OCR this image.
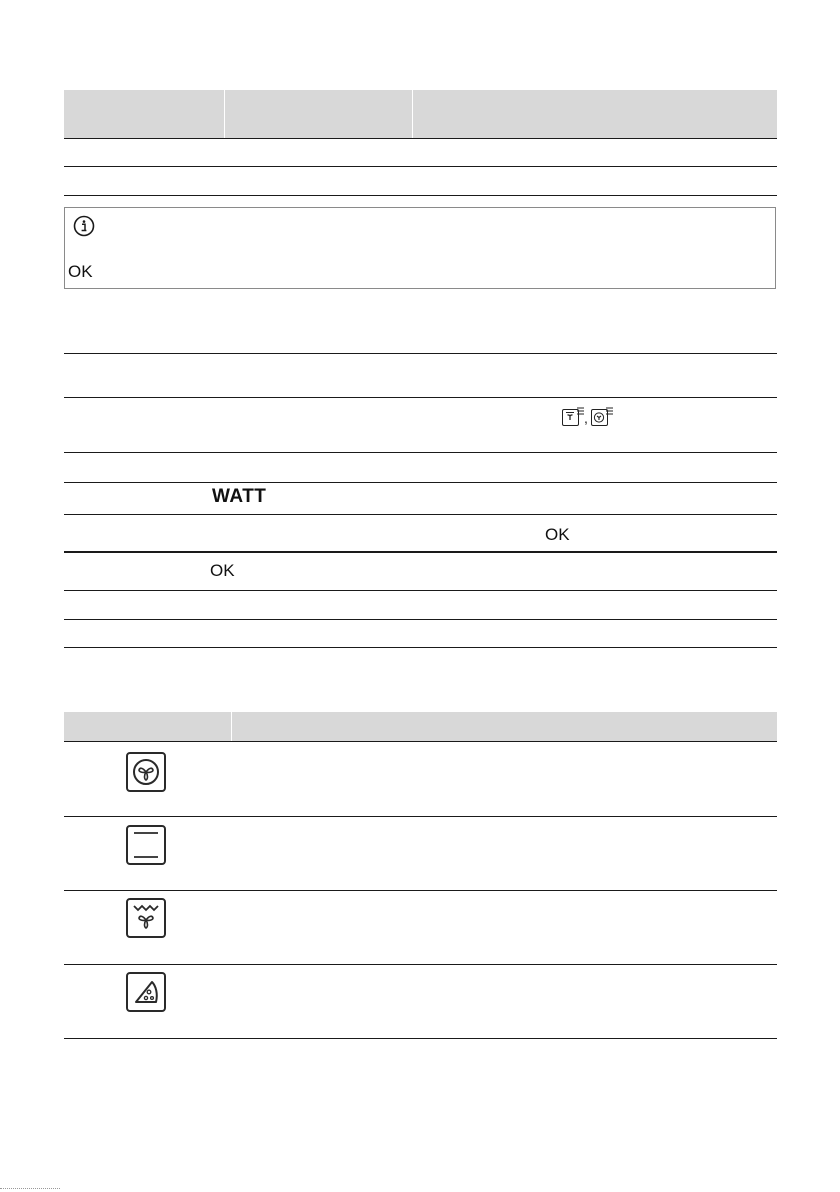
OK
,
WATT
OK
OK
